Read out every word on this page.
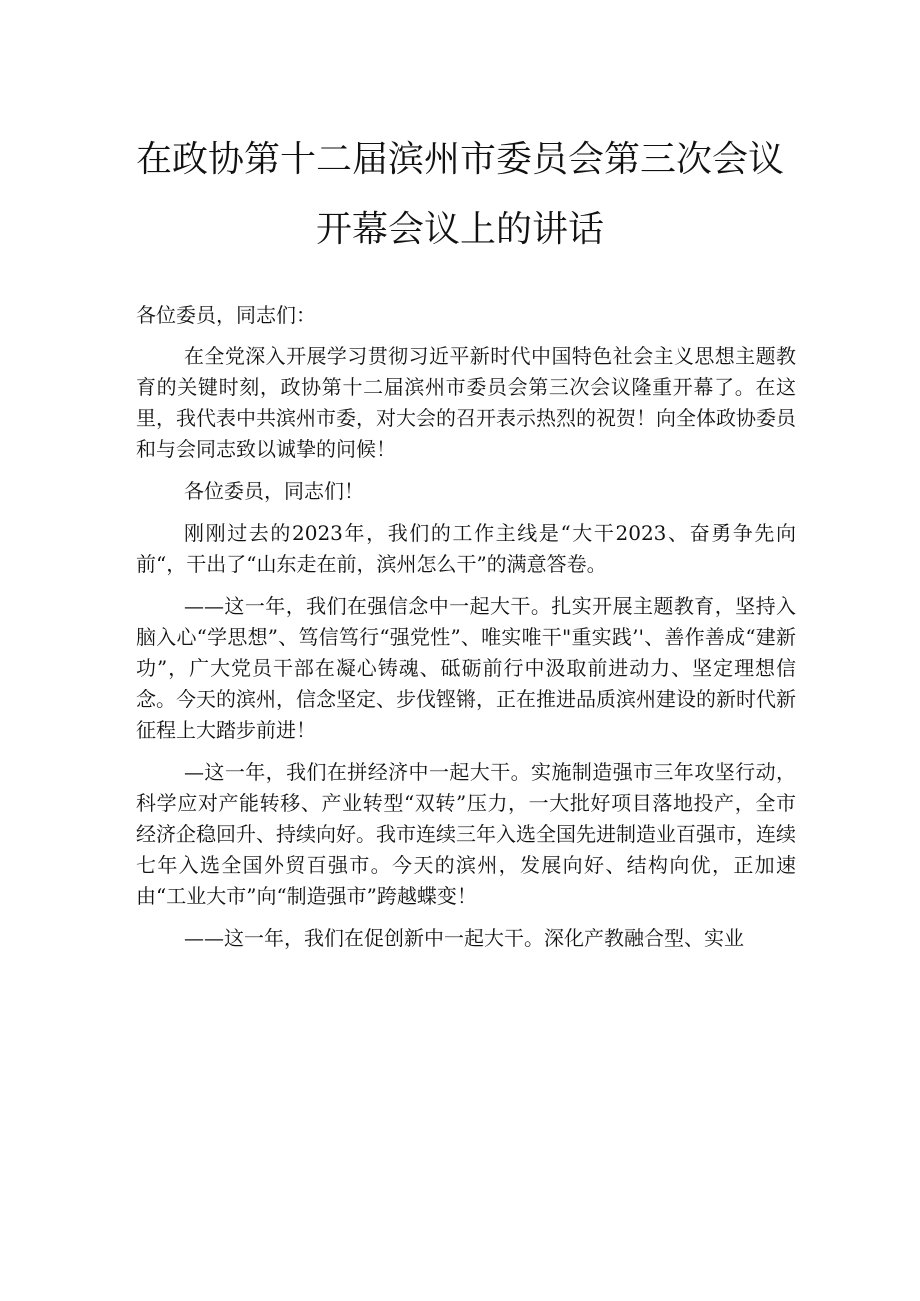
在政协第十二届滨州市委员会第三次会议
开幕会议上的讲话

各位委员，同志们：

在全党深入开展学习贯彻习近平新时代中国特色社会主义思想主题教育的关键时刻，政协第十二届滨州市委员会第三次会议隆重开幕了。在这里，我代表中共滨州市委，对大会的召开表示热烈的祝贺！向全体政协委员和与会同志致以诚挚的问候！

各位委员，同志们！

刚刚过去的2023年，我们的工作主线是“大干2023、奋勇争先向前“，干出了“山东走在前，滨州怎么干”的满意答卷。

——这一年，我们在强信念中一起大干。扎实开展主题教育，坚持入脑入心“学思想”、笃信笃行“强党性”、唯实唯干"重实践’'、善作善成“建新功”，广大党员干部在凝心铸魂、砥砺前行中汲取前进动力、坚定理想信念。今天的滨州，信念坚定、步伐铿锵，正在推进品质滨州建设的新时代新征程上大踏步前进！

—这一年，我们在拼经济中一起大干。实施制造强市三年攻坚行动，科学应对产能转移、产业转型“双转”压力，一大批好项目落地投产，全市经济企稳回升、持续向好。我市连续三年入选全国先进制造业百强市，连续七年入选全国外贸百强市。今天的滨州，发展向好、结构向优，正加速由“工业大市”向“制造强市”跨越蝶变！

——这一年，我们在促创新中一起大干。深化产教融合型、实业
